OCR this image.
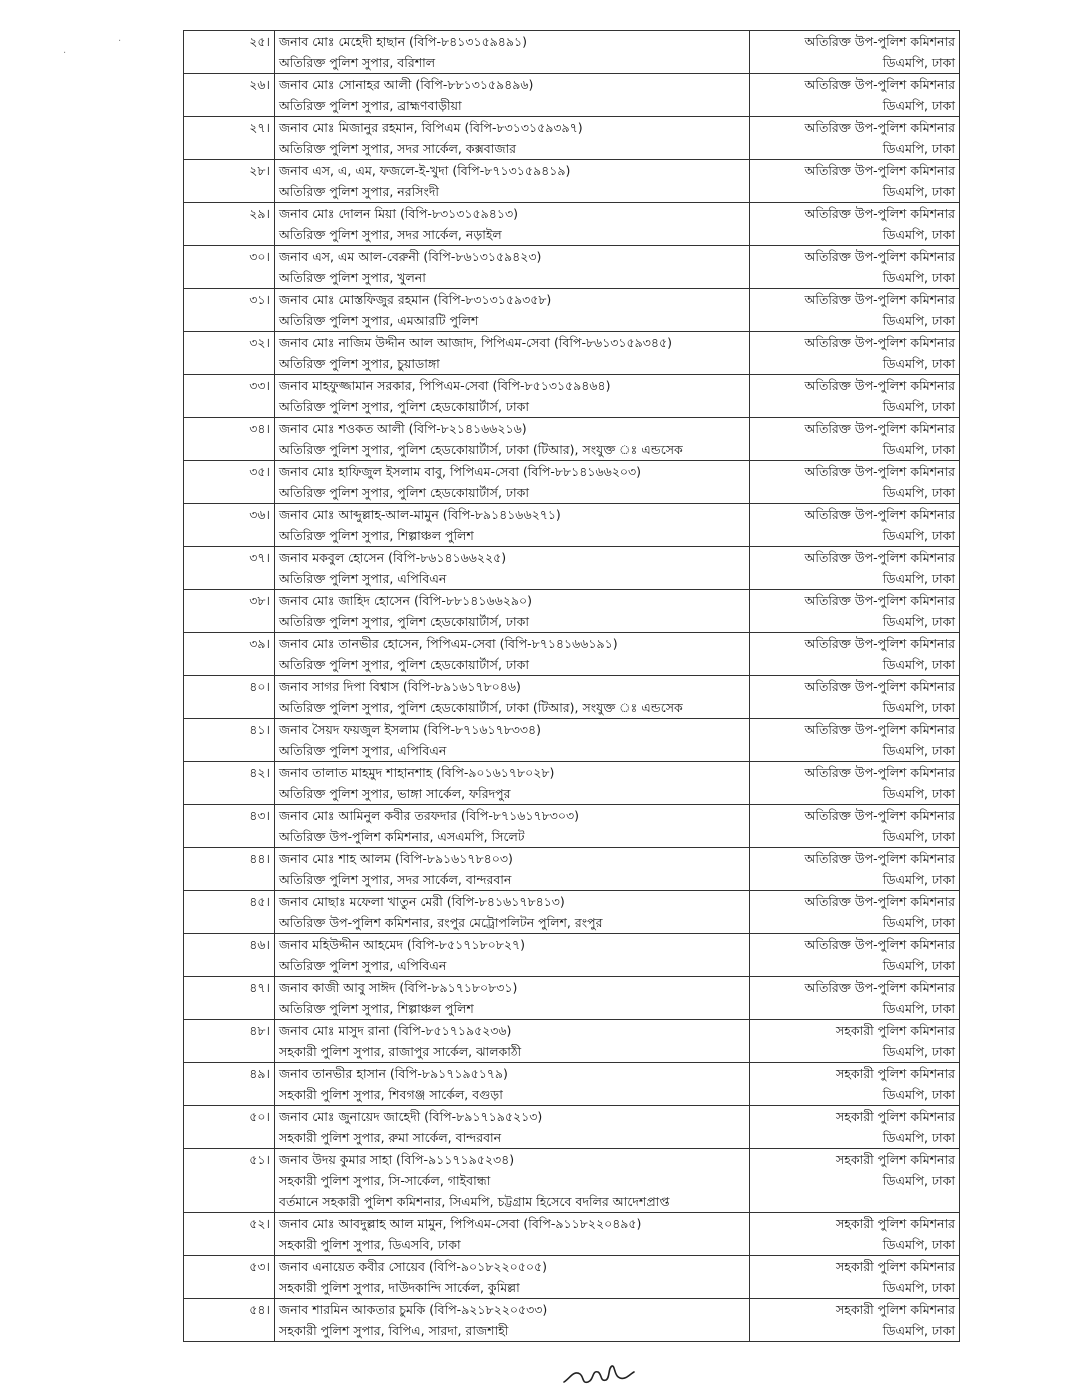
২৫।	জনাব মোঃ মেহেদী হাছান (বিপি-৮৪১৩১৫৯৪৯১)
অতিরিক্ত পুলিশ সুপার, বরিশাল	অতিরিক্ত উপ-পুলিশ কমিশনার
ডিএমপি, ঢাকা

২৬।	জনাব মোঃ সোনাহর আলী (বিপি-৮৮১৩১৫৯৪৯৬)
অতিরিক্ত পুলিশ সুপার, ব্রাহ্মণবাড়ীয়া	অতিরিক্ত উপ-পুলিশ কমিশনার
ডিএমপি, ঢাকা

২৭।	জনাব মোঃ মিজানুর রহমান, বিপিএম (বিপি-৮৩১৩১৫৯৩৯৭)
অতিরিক্ত পুলিশ সুপার, সদর সার্কেল, কক্সবাজার	অতিরিক্ত উপ-পুলিশ কমিশনার
ডিএমপি, ঢাকা

২৮।	জনাব এস, এ, এম, ফজলে-ই-খুদা (বিপি-৮৭১৩১৫৯৪১৯)
অতিরিক্ত পুলিশ সুপার, নরসিংদী	অতিরিক্ত উপ-পুলিশ কমিশনার
ডিএমপি, ঢাকা

২৯।	জনাব মোঃ দোলন মিয়া (বিপি-৮৩১৩১৫৯৪১৩)
অতিরিক্ত পুলিশ সুপার, সদর সার্কেল, নড়াইল	অতিরিক্ত উপ-পুলিশ কমিশনার
ডিএমপি, ঢাকা

৩০।	জনাব এস, এম আল-বেরুনী (বিপি-৮৬১৩১৫৯৪২৩)
অতিরিক্ত পুলিশ সুপার, খুলনা	অতিরিক্ত উপ-পুলিশ কমিশনার
ডিএমপি, ঢাকা

৩১।	জনাব মোঃ মোস্তফিজুর রহমান (বিপি-৮৩১৩১৫৯৩৫৮)
অতিরিক্ত পুলিশ সুপার, এমআরটি পুলিশ	অতিরিক্ত উপ-পুলিশ কমিশনার
ডিএমপি, ঢাকা

৩২।	জনাব মোঃ নাজিম উদ্দীন আল আজাদ, পিপিএম-সেবা (বিপি-৮৬১৩১৫৯৩৪৫)
অতিরিক্ত পুলিশ সুপার, চুয়াডাঙ্গা	অতিরিক্ত উপ-পুলিশ কমিশনার
ডিএমপি, ঢাকা

৩৩।	জনাব মাহফুজ্জামান সরকার, পিপিএম-সেবা (বিপি-৮৫১৩১৫৯৪৬৪)
অতিরিক্ত পুলিশ সুপার, পুলিশ হেডকোয়ার্টার্স, ঢাকা	অতিরিক্ত উপ-পুলিশ কমিশনার
ডিএমপি, ঢাকা

৩৪।	জনাব মোঃ শওকত আলী (বিপি-৮২১৪১৬৬২১৬)
অতিরিক্ত পুলিশ সুপার, পুলিশ হেডকোয়ার্টার্স, ঢাকা (টিআর), সংযুক্ত ঃ এন্ডসেক	অতিরিক্ত উপ-পুলিশ কমিশনার
ডিএমপি, ঢাকা

৩৫।	জনাব মোঃ হাফিজুল ইসলাম বাবু, পিপিএম-সেবা (বিপি-৮৮১৪১৬৬২০৩)
অতিরিক্ত পুলিশ সুপার, পুলিশ হেডকোয়ার্টার্স, ঢাকা	অতিরিক্ত উপ-পুলিশ কমিশনার
ডিএমপি, ঢাকা

৩৬।	জনাব মোঃ আব্দুল্লাহ-আল-মামুন (বিপি-৮৯১৪১৬৬২৭১)
অতিরিক্ত পুলিশ সুপার, শিল্পাঞ্চল পুলিশ	অতিরিক্ত উপ-পুলিশ কমিশনার
ডিএমপি, ঢাকা

৩৭।	জনাব মকবুল হোসেন (বিপি-৮৬১৪১৬৬২২৫)
অতিরিক্ত পুলিশ সুপার, এপিবিএন	অতিরিক্ত উপ-পুলিশ কমিশনার
ডিএমপি, ঢাকা

৩৮।	জনাব মোঃ জাহিদ হোসেন (বিপি-৮৮১৪১৬৬২৯০)
অতিরিক্ত পুলিশ সুপার, পুলিশ হেডকোয়ার্টার্স, ঢাকা	অতিরিক্ত উপ-পুলিশ কমিশনার
ডিএমপি, ঢাকা

৩৯।	জনাব মোঃ তানভীর হোসেন, পিপিএম-সেবা (বিপি-৮৭১৪১৬৬১৯১)
অতিরিক্ত পুলিশ সুপার, পুলিশ হেডকোয়ার্টার্স, ঢাকা	অতিরিক্ত উপ-পুলিশ কমিশনার
ডিএমপি, ঢাকা

৪০।	জনাব সাগর দিপা বিশ্বাস (বিপি-৮৯১৬১৭৮০৪৬)
অতিরিক্ত পুলিশ সুপার, পুলিশ হেডকোয়ার্টার্স, ঢাকা (টিআর), সংযুক্ত ঃ এন্ডসেক	অতিরিক্ত উপ-পুলিশ কমিশনার
ডিএমপি, ঢাকা

৪১।	জনাব সৈয়দ ফয়জুল ইসলাম (বিপি-৮৭১৬১৭৮৩৩৪)
অতিরিক্ত পুলিশ সুপার, এপিবিএন	অতিরিক্ত উপ-পুলিশ কমিশনার
ডিএমপি, ঢাকা

৪২।	জনাব তালাত মাহমুদ শাহানশাহ (বিপি-৯০১৬১৭৮০২৮)
অতিরিক্ত পুলিশ সুপার, ভাঙ্গা সার্কেল, ফরিদপুর	অতিরিক্ত উপ-পুলিশ কমিশনার
ডিএমপি, ঢাকা

৪৩।	জনাব মোঃ আমিনুল কবীর তরফদার (বিপি-৮৭১৬১৭৮৩০৩)
অতিরিক্ত উপ-পুলিশ কমিশনার, এসএমপি, সিলেট	অতিরিক্ত উপ-পুলিশ কমিশনার
ডিএমপি, ঢাকা

৪৪।	জনাব মোঃ শাহ আলম (বিপি-৮৯১৬১৭৮৪০৩)
অতিরিক্ত পুলিশ সুপার, সদর সার্কেল, বান্দরবান	অতিরিক্ত উপ-পুলিশ কমিশনার
ডিএমপি, ঢাকা

৪৫।	জনাব মোছাঃ মফেলা খাতুন মেরী (বিপি-৮৪১৬১৭৮৪১৩)
অতিরিক্ত উপ-পুলিশ কমিশনার, রংপুর মেট্রোপলিটন পুলিশ, রংপুর	অতিরিক্ত উপ-পুলিশ কমিশনার
ডিএমপি, ঢাকা

৪৬।	জনাব মহিউদ্দীন আহমেদ (বিপি-৮৫১৭১৮০৮২৭)
অতিরিক্ত পুলিশ সুপার, এপিবিএন	অতিরিক্ত উপ-পুলিশ কমিশনার
ডিএমপি, ঢাকা

৪৭।	জনাব কাজী আবু সাঈদ (বিপি-৮৯১৭১৮০৮৩১)
অতিরিক্ত পুলিশ সুপার, শিল্পাঞ্চল পুলিশ	অতিরিক্ত উপ-পুলিশ কমিশনার
ডিএমপি, ঢাকা

৪৮।	জনাব মোঃ মাসুদ রানা (বিপি-৮৫১৭১৯৫২৩৬)
সহকারী পুলিশ সুপার, রাজাপুর সার্কেল, ঝালকাঠী	সহকারী পুলিশ কমিশনার
ডিএমপি, ঢাকা

৪৯।	জনাব তানভীর হাসান (বিপি-৮৯১৭১৯৫১৭৯)
সহকারী পুলিশ সুপার, শিবগঞ্জ সার্কেল, বগুড়া	সহকারী পুলিশ কমিশনার
ডিএমপি, ঢাকা

৫০।	জনাব মোঃ জুনায়েদ জাহেদী (বিপি-৮৯১৭১৯৫২১৩)
সহকারী পুলিশ সুপার, রুমা সার্কেল, বান্দরবান	সহকারী পুলিশ কমিশনার
ডিএমপি, ঢাকা

৫১।	জনাব উদয় কুমার সাহা (বিপি-৯১১৭১৯৫২৩৪)
সহকারী পুলিশ সুপার, সি-সার্কেল, গাইবান্ধা
বর্তমানে সহকারী পুলিশ কমিশনার, সিএমপি, চট্টগ্রাম হিসেবে বদলির আদেশপ্রাপ্ত	সহকারী পুলিশ কমিশনার
ডিএমপি, ঢাকা

৫২।	জনাব মোঃ আবদুল্লাহ আল মামুন, পিপিএম-সেবা (বিপি-৯১১৮২২০৪৯৫)
সহকারী পুলিশ সুপার, ডিএসবি, ঢাকা	সহকারী পুলিশ কমিশনার
ডিএমপি, ঢাকা

৫৩।	জনাব এনায়েত কবীর সোয়েব (বিপি-৯০১৮২২০৫০৫)
সহকারী পুলিশ সুপার, দাউদকান্দি সার্কেল, কুমিল্লা	সহকারী পুলিশ কমিশনার
ডিএমপি, ঢাকা

৫৪।	জনাব শারমিন আকতার চুমকি (বিপি-৯২১৮২২০৫৩৩)
সহকারী পুলিশ সুপার, বিপিএ, সারদা, রাজশাহী	সহকারী পুলিশ কমিশনার
ডিএমপি, ঢাকা
·
·
